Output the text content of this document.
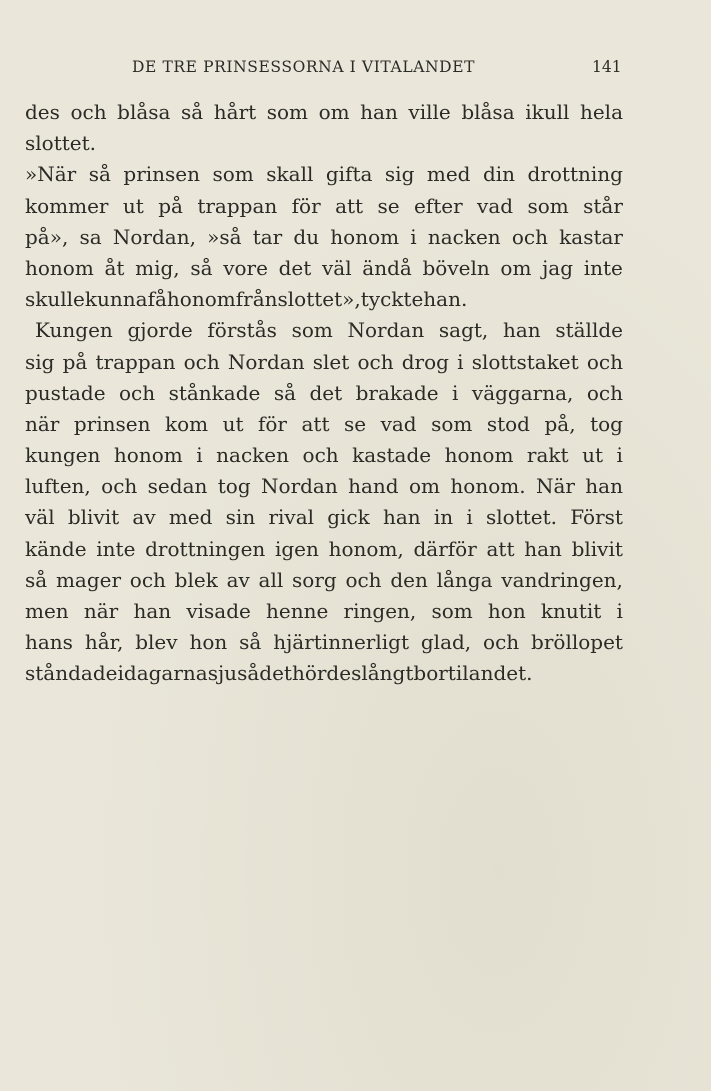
DE TRE PRINSESSORNA I VITALANDET	141
des och blåsa så hårt som om han ville blåsa ikull hela
slottet.
»När så prinsen som skall gifta sig med din drottning
kommer ut på trappan för att se efter vad som står
på», sa Nordan, »så tar du honom i nacken och kastar
honom åt mig, så vore det väl ändå böveln om jag inte
skulle kunna få honom från slottet», tyckte han.
Kungen gjorde förstås som Nordan sagt, han ställde
sig på trappan och Nordan slet och drog i slottstaket och
pustade och stånkade så det brakade i väggarna, och
när prinsen kom ut för att se vad som stod på, tog
kungen honom i nacken och kastade honom rakt ut i
luften, och sedan tog Nordan hand om honom. När han
väl blivit av med sin rival gick han in i slottet. Först
kände inte drottningen igen honom, därför att han blivit
så mager och blek av all sorg och den långa vandringen,
men när han visade henne ringen, som hon knutit i
hans hår, blev hon så hjärtinnerligt glad, och bröllopet
ståndade i dagarna sju så det hördes långt bort i landet.
